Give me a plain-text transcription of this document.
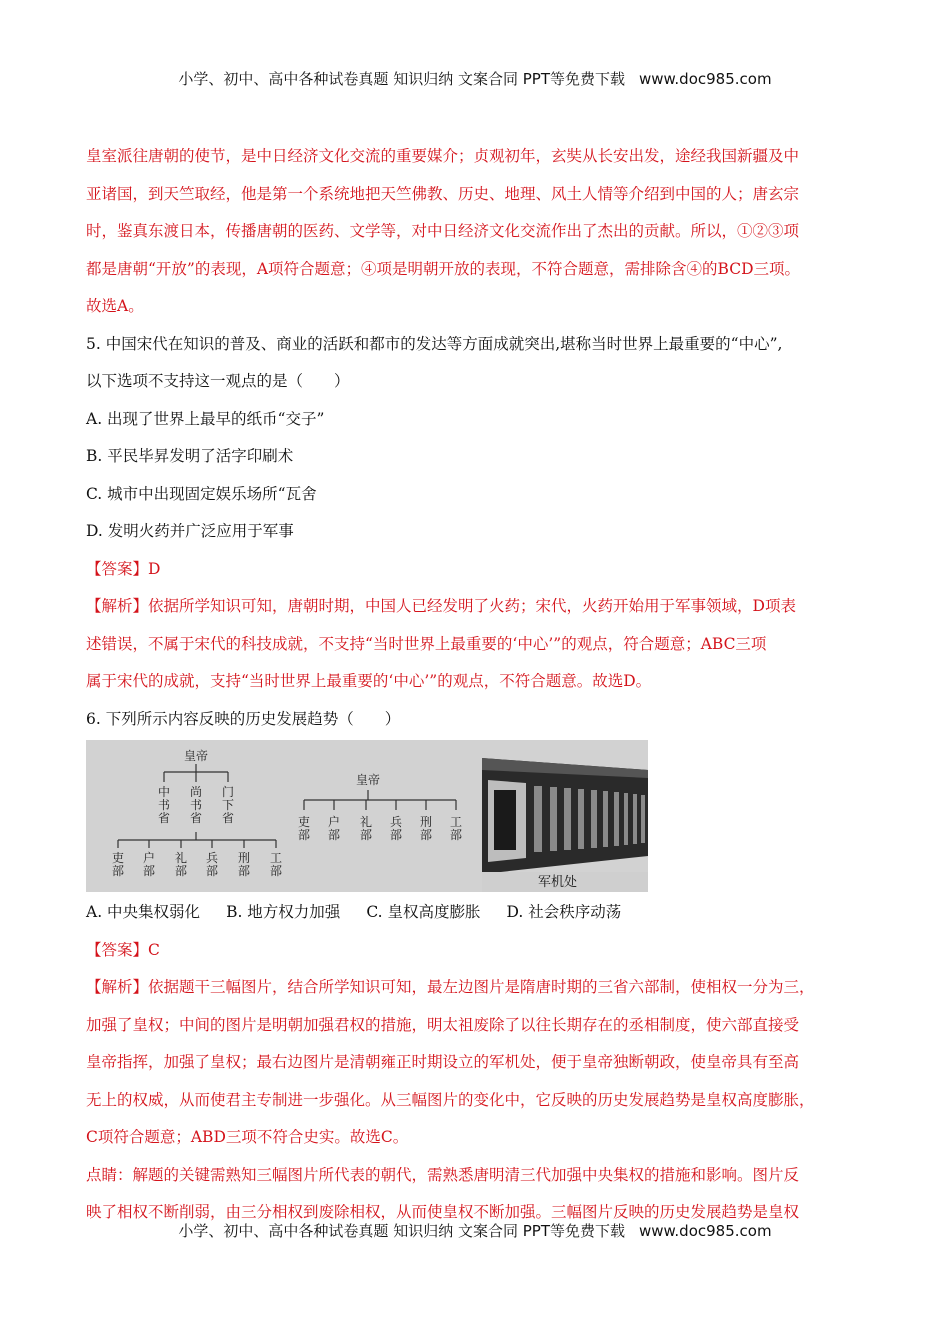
小学、初中、高中各种试卷真题 知识归纳 文案合同 PPT等免费下载 www.doc985.com

皇室派往唐朝的使节，是中日经济文化交流的重要媒介；贞观初年，玄奘从长安出发，途经我国新疆及中

亚诸国，到天竺取经，他是第一个系统地把天竺佛教、历史、地理、风土人情等介绍到中国的人；唐玄宗

时，鉴真东渡日本，传播唐朝的医药、文学等，对中日经济文化交流作出了杰出的贡献。所以，①②③项

都是唐朝“开放”的表现，A项符合题意；④项是明朝开放的表现，不符合题意，需排除含④的BCD三项。

故选A。

5. 中国宋代在知识的普及、商业的活跃和都市的发达等方面成就突出,堪称当时世界上最重要的“中心”,

以下选项不支持这一观点的是（　　）

A. 出现了世界上最早的纸币“交子”

B. 平民毕昇发明了活字印刷术

C. 城市中出现固定娱乐场所“瓦舍

D. 发明火药并广泛应用于军事

【答案】D

【解析】依据所学知识可知，唐朝时期，中国人已经发明了火药；宋代，火药开始用于军事领域，D项表

述错误，不属于宋代的科技成就，不支持“当时世界上最重要的‘中心’”的观点，符合题意；ABC三项

属于宋代的成就，支持“当时世界上最重要的‘中心’”的观点，不符合题意。故选D。

6. 下列所示内容反映的历史发展趋势（　　）

皇帝
中书省
尚书省
门下省
吏部
户部
礼部
兵部
刑部
工部
皇帝
吏部
户部
礼部
兵部
刑部
工部
军机处

A. 中央集权弱化 B. 地方权力加强 C. 皇权高度膨胀 D. 社会秩序动荡

【答案】C

【解析】依据题干三幅图片，结合所学知识可知，最左边图片是隋唐时期的三省六部制，使相权一分为三，

加强了皇权；中间的图片是明朝加强君权的措施，明太祖废除了以往长期存在的丞相制度，使六部直接受

皇帝指挥，加强了皇权；最右边图片是清朝雍正时期设立的军机处，便于皇帝独断朝政，使皇帝具有至高

无上的权威，从而使君主专制进一步强化。从三幅图片的变化中，它反映的历史发展趋势是皇权高度膨胀，

C项符合题意；ABD三项不符合史实。故选C。

点睛：解题的关键需熟知三幅图片所代表的朝代，需熟悉唐明清三代加强中央集权的措施和影响。图片反

映了相权不断削弱，由三分相权到废除相权，从而使皇权不断加强。三幅图片反映的历史发展趋势是皇权

小学、初中、高中各种试卷真题 知识归纳 文案合同 PPT等免费下载 www.doc985.com
